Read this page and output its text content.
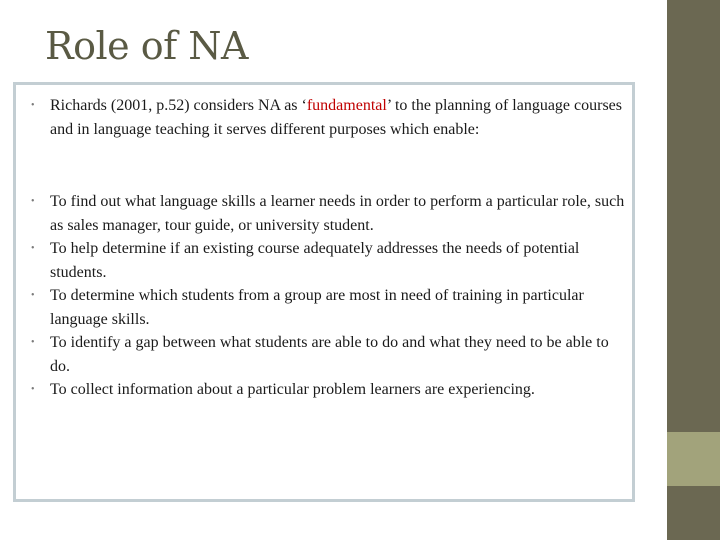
Role of NA
• Richards (2001, p.52) considers NA as ‘fundamental’ to the planning of language courses and in language teaching it serves different purposes which enable:
• To find out what language skills a learner needs in order to perform a particular role, such as sales manager, tour guide, or university student.
• To help determine if an existing course adequately addresses the needs of potential students.
• To determine which students from a group are most in need of training in particular language skills.
• To identify a gap between what students are able to do and what they need to be able to do.
• To collect information about a particular problem learners are experiencing.
